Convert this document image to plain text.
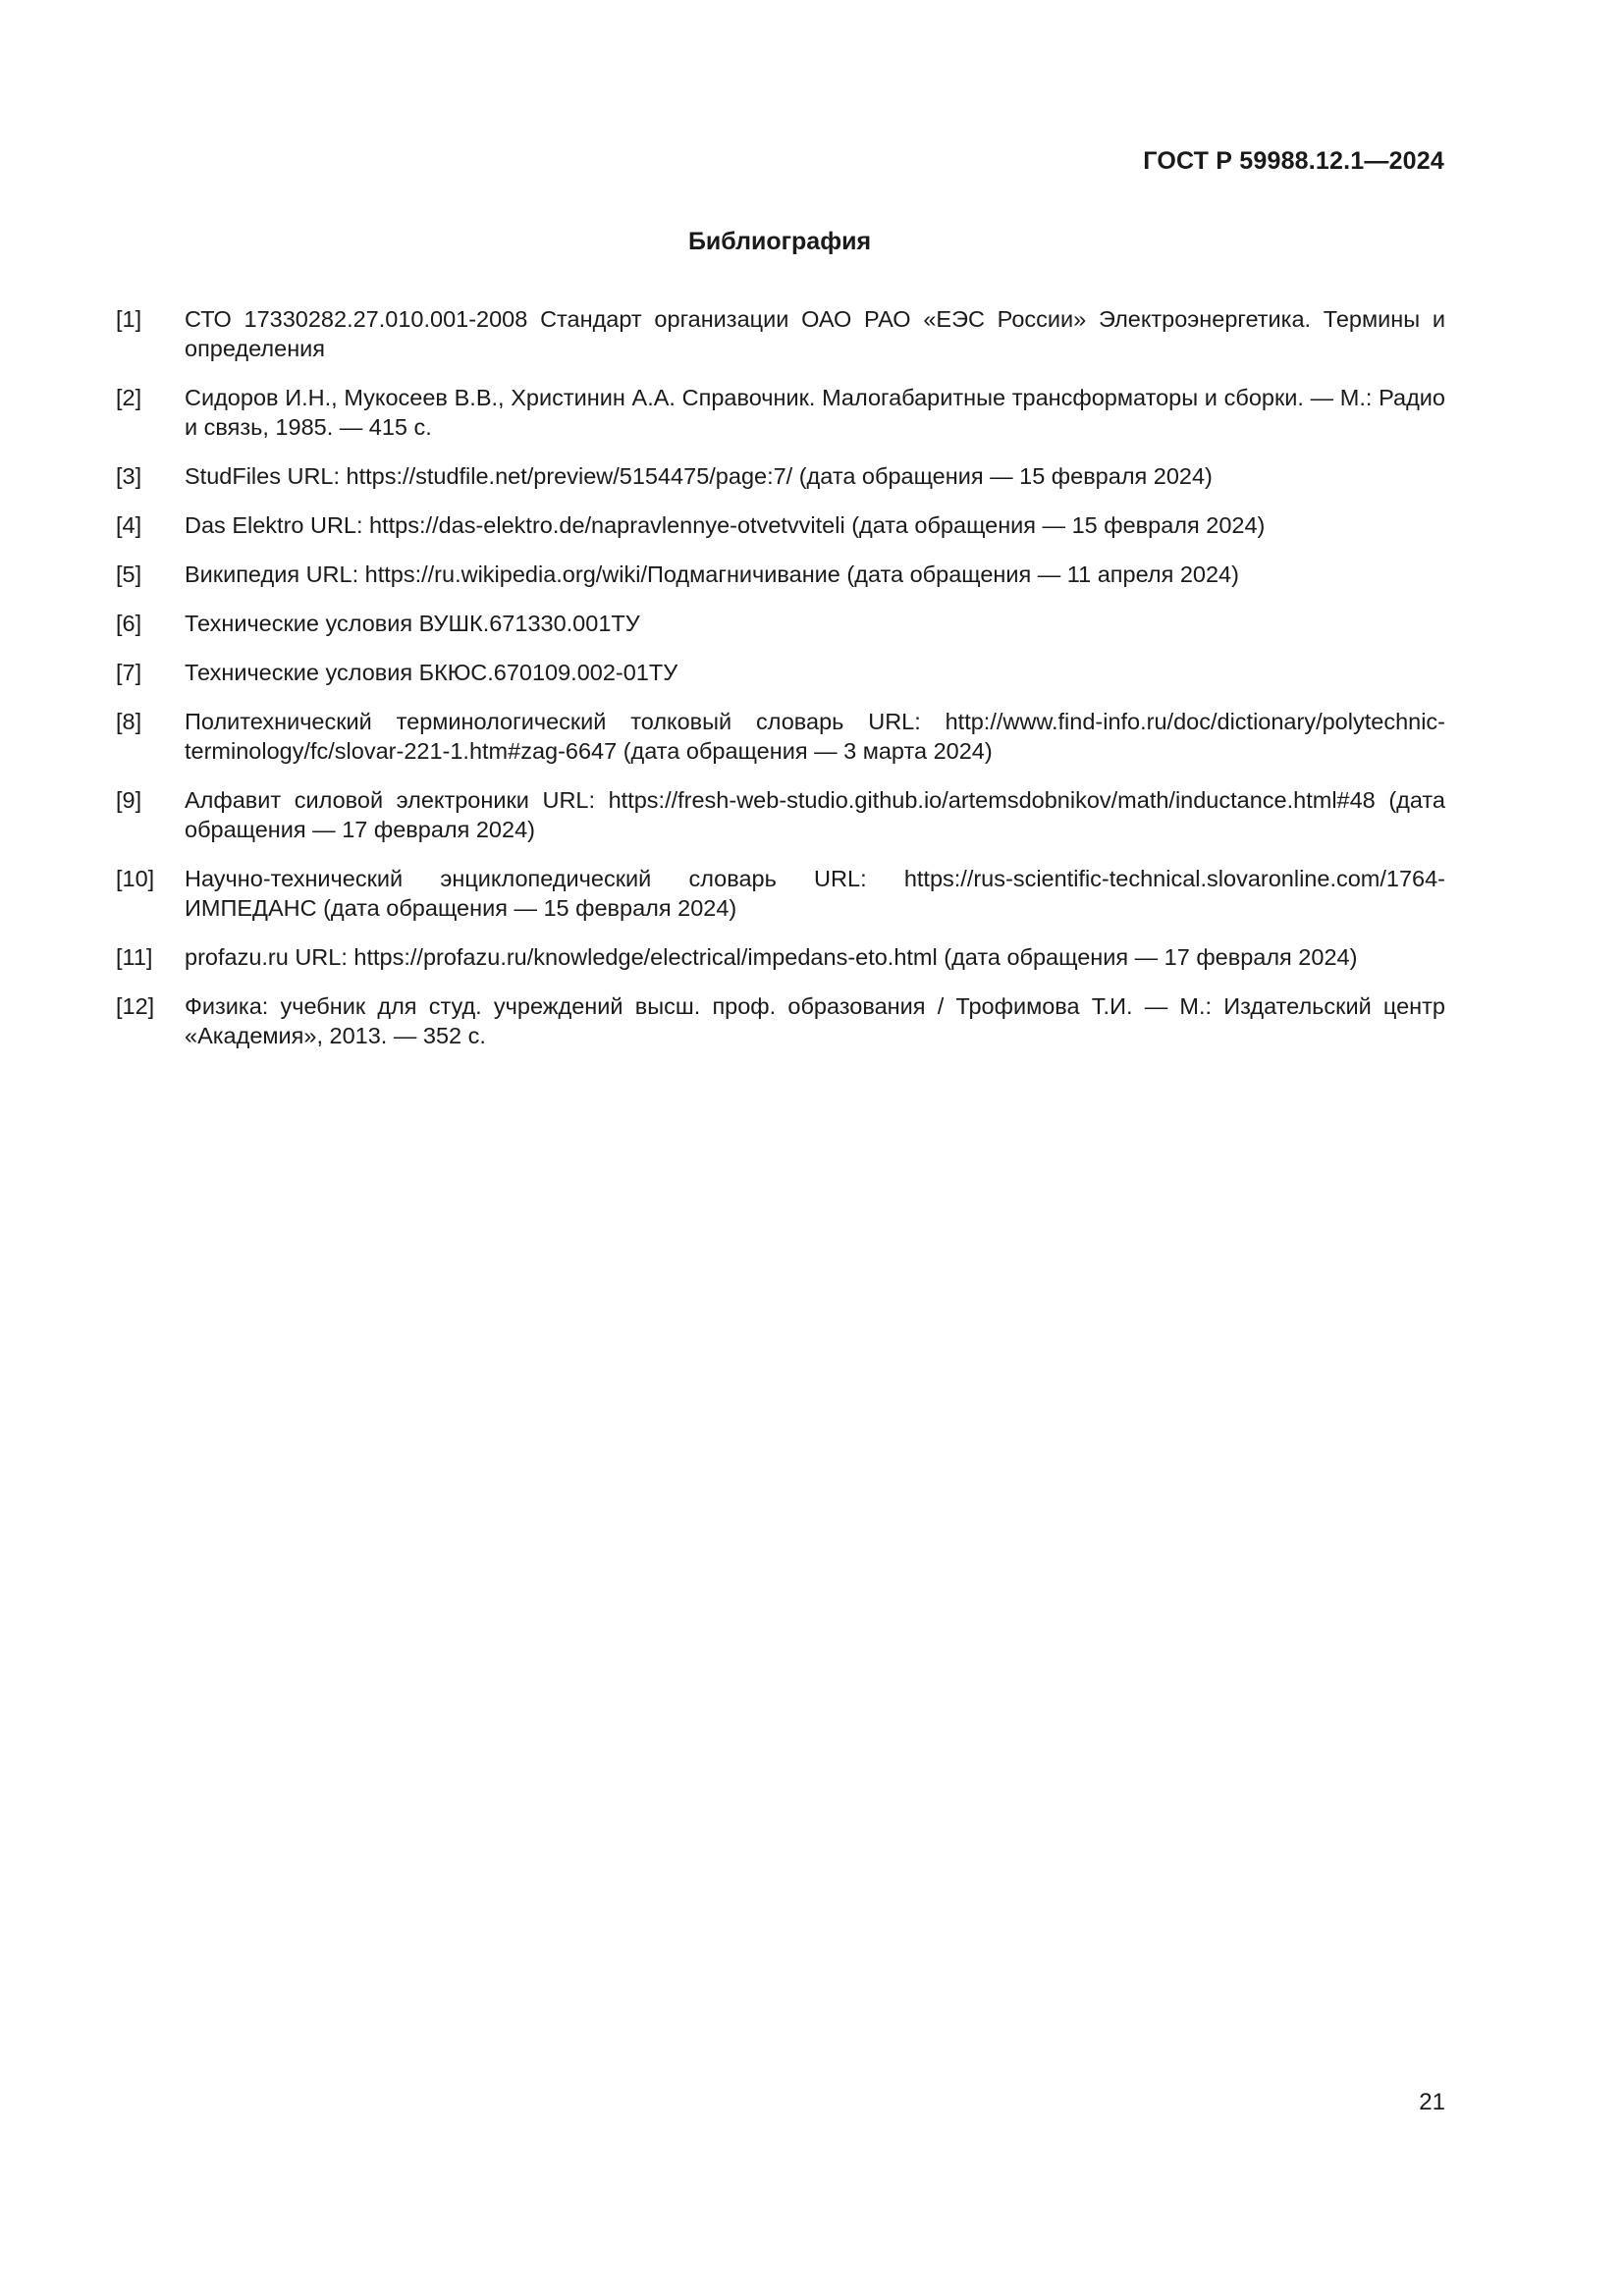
ГОСТ Р 59988.12.1—2024
Библиография
[1]	СТО 17330282.27.010.001-2008 Стандарт организации ОАО РАО «ЕЭС России» Электроэнергетика. Термины и определения
[2]	Сидоров И.Н., Мукосеев В.В., Христинин А.А. Справочник. Малогабаритные трансформаторы и сборки. — М.: Радио и связь, 1985. — 415 с.
[3]	StudFiles URL: https://studfile.net/preview/5154475/page:7/ (дата обращения — 15 февраля 2024)
[4]	Das Elektro URL: https://das-elektro.de/napravlennye-otvetvviteli (дата обращения — 15 февраля 2024)
[5]	Википедия URL: https://ru.wikipedia.org/wiki/Подмагничивание (дата обращения — 11 апреля 2024)
[6]	Технические условия ВУШК.671330.001ТУ
[7]	Технические условия БКЮС.670109.002-01ТУ
[8]	Политехнический терминологический толковый словарь URL: http://www.find-info.ru/doc/dictionary/polytechnic-terminology/fc/slovar-221-1.htm#zag-6647 (дата обращения — 3 марта 2024)
[9]	Алфавит силовой электроники URL: https://fresh-web-studio.github.io/artemsdobnikov/math/inductance.html#48 (дата обращения — 17 февраля 2024)
[10]	Научно-технический энциклопедический словарь URL: https://rus-scientific-technical.slovaronline.com/1764-ИМПЕДАНС (дата обращения — 15 февраля 2024)
[11]	profazu.ru URL: https://profazu.ru/knowledge/electrical/impedans-eto.html (дата обращения — 17 февраля 2024)
[12]	Физика: учебник для студ. учреждений высш. проф. образования / Трофимова Т.И. — М.: Издательский центр «Академия», 2013. — 352 с.
21
